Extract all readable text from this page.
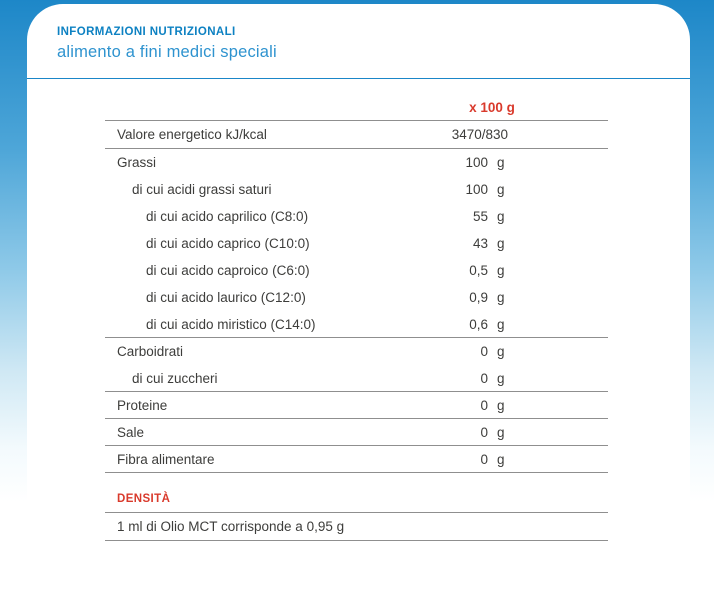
INFORMAZIONI NUTRIZIONALI
alimento a fini medici speciali
x 100 g
Valore energetico kJ/kcal	3470/830
Grassi	100 g
di cui acidi grassi saturi	100 g
di cui acido caprilico (C8:0)	55 g
di cui acido caprico (C10:0)	43 g
di cui acido caproico (C6:0)	0,5 g
di cui acido laurico (C12:0)	0,9 g
di cui acido miristico (C14:0)	0,6 g
Carboidrati	0 g
di cui zuccheri	0 g
Proteine	0 g
Sale	0 g
Fibra alimentare	0 g
DENSITÀ
1 ml di Olio MCT corrisponde a 0,95 g
